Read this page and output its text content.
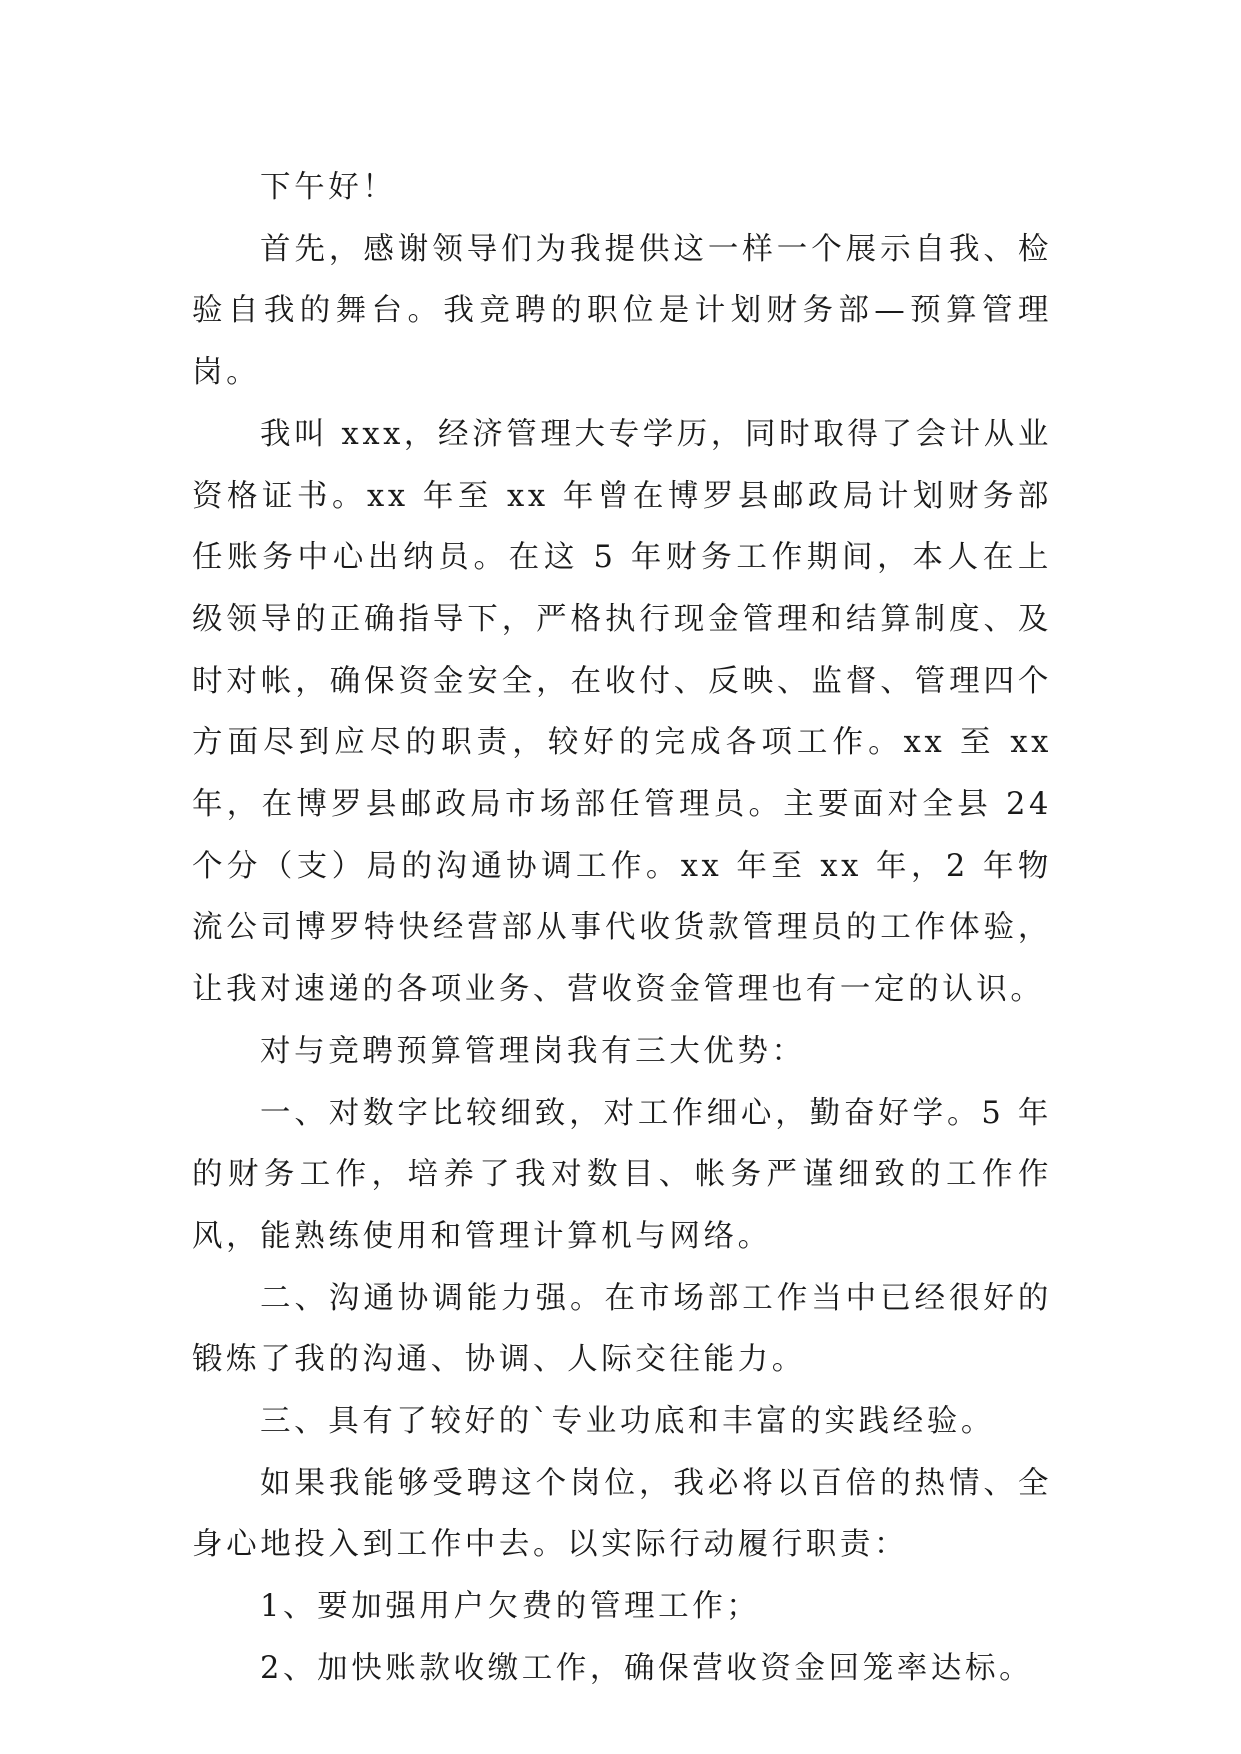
下午好！

首先，感谢领导们为我提供这一样一个展示自我、检验自我的舞台。我竞聘的职位是计划财务部—预算管理岗。

我叫 xxx，经济管理大专学历，同时取得了会计从业资格证书。xx 年至 xx 年曾在博罗县邮政局计划财务部任账务中心出纳员。在这 5 年财务工作期间，本人在上级领导的正确指导下，严格执行现金管理和结算制度、及时对帐，确保资金安全，在收付、反映、监督、管理四个方面尽到应尽的职责，较好的完成各项工作。xx 至 xx 年，在博罗县邮政局市场部任管理员。主要面对全县 24 个分（支）局的沟通协调工作。xx 年至 xx 年，2 年物流公司博罗特快经营部从事代收货款管理员的工作体验，让我对速递的各项业务、营收资金管理也有一定的认识。

对与竞聘预算管理岗我有三大优势：

一、对数字比较细致，对工作细心，勤奋好学。5 年的财务工作，培养了我对数目、帐务严谨细致的工作作风，能熟练使用和管理计算机与网络。

二、沟通协调能力强。在市场部工作当中已经很好的锻炼了我的沟通、协调、人际交往能力。

三、具有了较好的`专业功底和丰富的实践经验。

如果我能够受聘这个岗位，我必将以百倍的热情、全身心地投入到工作中去。以实际行动履行职责：

1、要加强用户欠费的管理工作；

2、加快账款收缴工作，确保营收资金回笼率达标。
